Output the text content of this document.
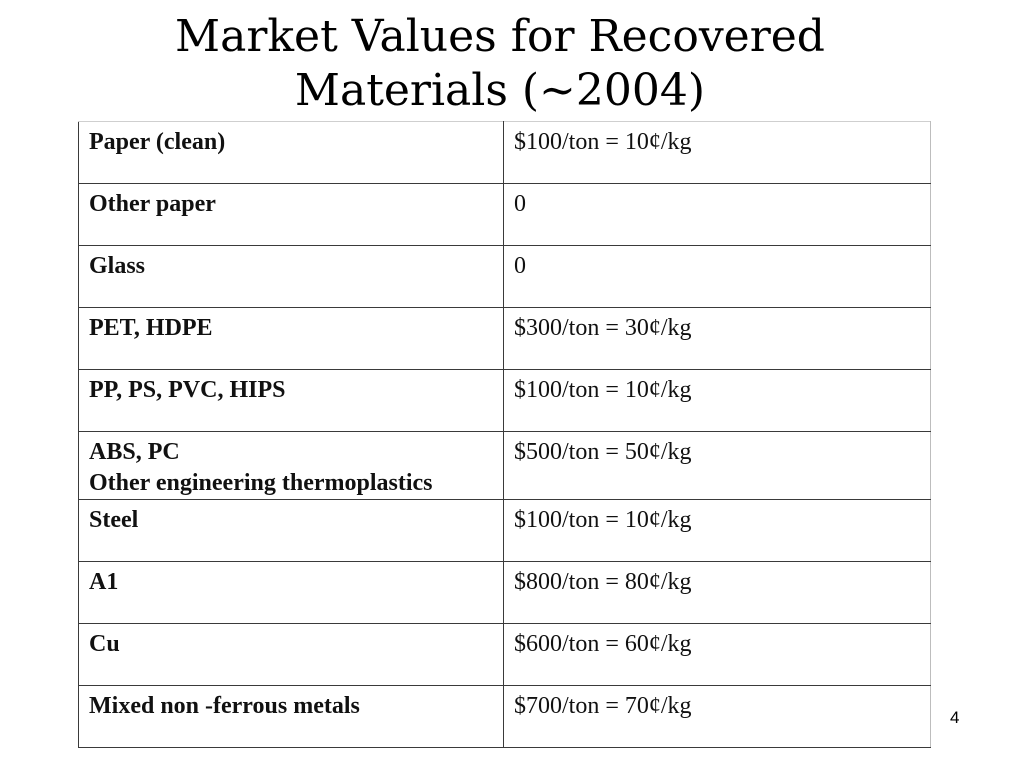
Market Values for Recovered
Materials (~2004)
Paper (clean)	$100/ton = 10¢/kg
Other paper	0
Glass	0
PET, HDPE	$300/ton = 30¢/kg
PP, PS, PVC, HIPS	$100/ton = 10¢/kg

ABS, PC
Other engineering thermoplastics	$500/ton = 50¢/kg
Steel	$100/ton = 10¢/kg
A1	$800/ton = 80¢/kg
Cu	$600/ton = 60¢/kg
Mixed non -ferrous metals	$700/ton = 70¢/kg	4
